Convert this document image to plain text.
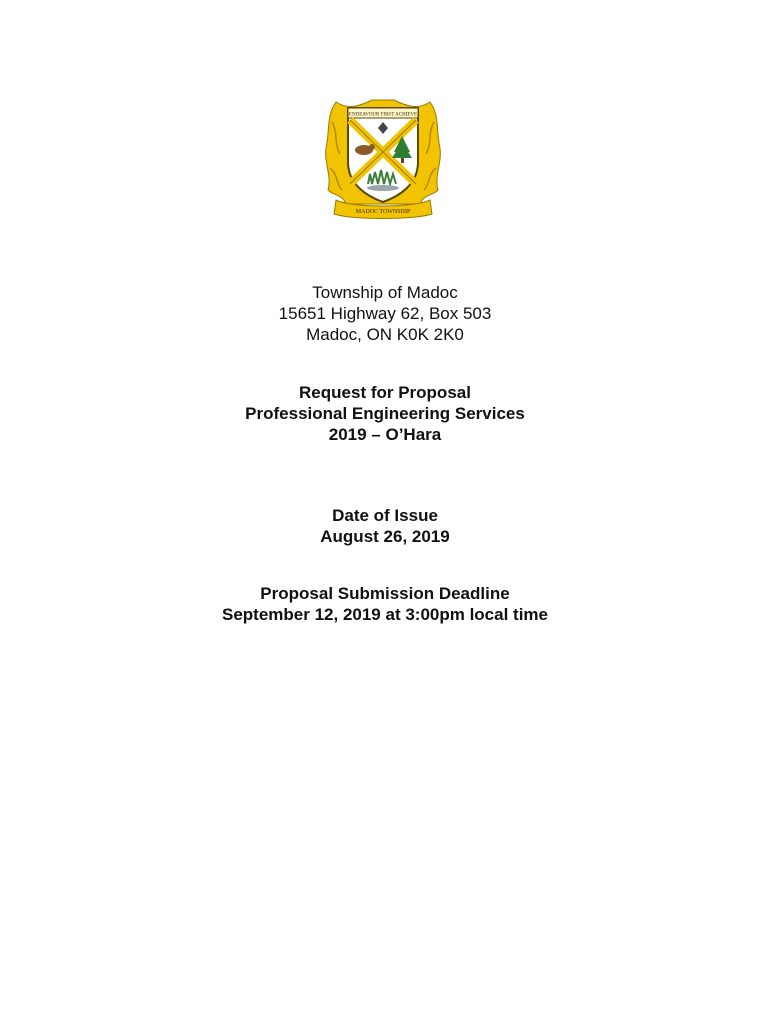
ENDEAVOUR FIRST ACHIEVE
MADOC TOWNSHIP
Township of Madoc
15651 Highway 62, Box 503
Madoc, ON K0K 2K0
Request for Proposal
Professional Engineering Services
2019 – O’Hara
Date of Issue
August 26, 2019
Proposal Submission Deadline
September 12, 2019 at 3:00pm local time
